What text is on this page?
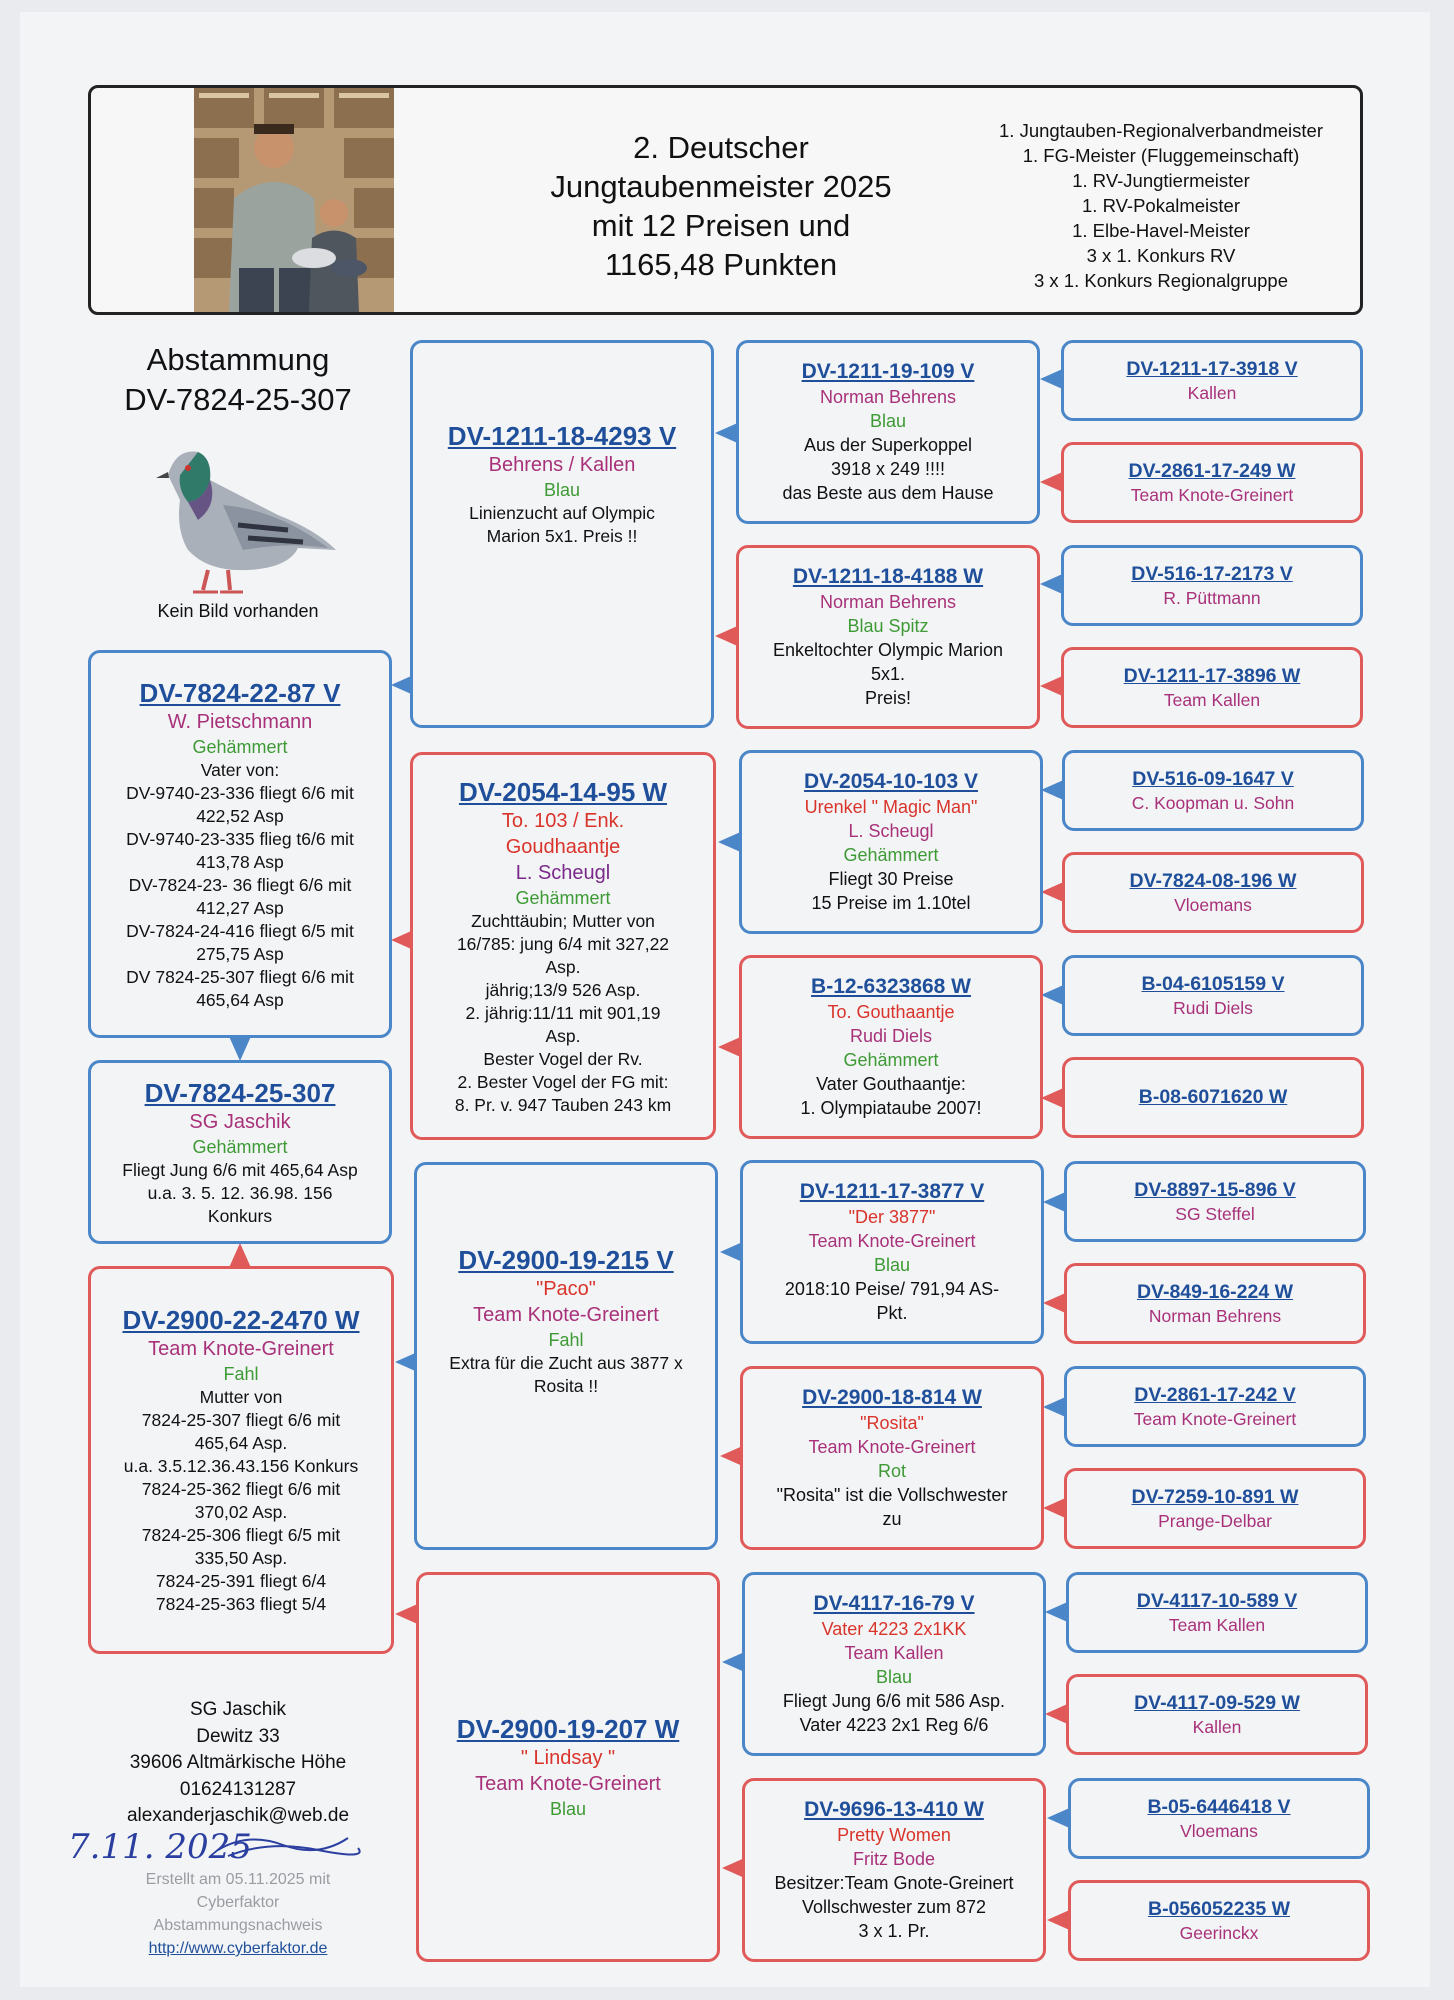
2. Deutscher
Jungtaubenmeister 2025
mit 12 Preisen und
1165,48 Punkten
1. Jungtauben-Regionalverbandmeister
1. FG-Meister (Fluggemeinschaft)
1. RV-Jungtiermeister
1. RV-Pokalmeister
1. Elbe-Havel-Meister
3 x 1. Konkurs RV
3 x 1. Konkurs Regionalgruppe
Abstammung
DV-7824-25-307
Kein Bild vorhanden
DV-7824-22-87 V
W. Pietschmann
Gehämmert
Vater von:
DV-9740-23-336 fliegt 6/6 mit
422,52 Asp
DV-9740-23-335 flieg t6/6 mit
413,78 Asp
DV-7824-23- 36 fliegt 6/6 mit
412,27 Asp
DV-7824-24-416 fliegt 6/5 mit
275,75 Asp
DV 7824-25-307 fliegt 6/6 mit
465,64 Asp
DV-7824-25-307
SG Jaschik
Gehämmert
Fliegt Jung 6/6 mit 465,64 Asp
u.a. 3. 5. 12. 36.98. 156
Konkurs
DV-2900-22-2470 W
Team Knote-Greinert
Fahl
Mutter von
7824-25-307 fliegt 6/6 mit
465,64 Asp.
u.a. 3.5.12.36.43.156 Konkurs
7824-25-362 fliegt 6/6 mit
370,02 Asp.
7824-25-306 fliegt 6/5 mit
335,50 Asp.
7824-25-391 fliegt 6/4
7824-25-363 fliegt 5/4
DV-1211-18-4293 V
Behrens / Kallen
Blau
Linienzucht auf Olympic
Marion 5x1. Preis !!
DV-2054-14-95 W
To. 103 / Enk.
Goudhaantje
L. Scheugl
Gehämmert
Zuchttäubin; Mutter von
16/785: jung 6/4 mit 327,22
Asp.
jährig;13/9 526 Asp.
2. jährig:11/11 mit 901,19
Asp.
Bester Vogel der Rv.
2. Bester Vogel der FG mit:
8. Pr. v. 947 Tauben 243 km
DV-2900-19-215 V
"Paco"
Team Knote-Greinert
Fahl
Extra für die Zucht aus 3877 x
Rosita !!
DV-2900-19-207 W
" Lindsay "
Team Knote-Greinert
Blau
DV-1211-19-109 V
Norman Behrens
Blau
Aus der Superkoppel
3918 x 249 !!!!
das Beste aus dem Hause
DV-1211-18-4188 W
Norman Behrens
Blau Spitz
Enkeltochter Olympic Marion
5x1.
Preis!
DV-2054-10-103 V
Urenkel " Magic Man"
L. Scheugl
Gehämmert
Fliegt 30 Preise
15 Preise im 1.10tel
B-12-6323868 W
To. Gouthaantje
Rudi Diels
Gehämmert
Vater Gouthaantje:
1. Olympiataube 2007!
DV-1211-17-3877 V
"Der 3877"
Team Knote-Greinert
Blau
2018:10 Peise/ 791,94 AS-
Pkt.
DV-2900-18-814 W
"Rosita"
Team Knote-Greinert
Rot
"Rosita" ist die Vollschwester
zu
DV-4117-16-79 V
Vater 4223 2x1KK
Team Kallen
Blau
Fliegt Jung 6/6 mit 586 Asp.
Vater 4223 2x1 Reg 6/6
DV-9696-13-410 W
Pretty Women
Fritz Bode
Besitzer:Team Gnote-Greinert
Vollschwester zum 872
3 x 1. Pr.
DV-1211-17-3918 V
Kallen
DV-2861-17-249 W
Team Knote-Greinert
DV-516-17-2173 V
R. Püttmann
DV-1211-17-3896 W
Team Kallen
DV-516-09-1647 V
C. Koopman u. Sohn
DV-7824-08-196 W
Vloemans
B-04-6105159 V
Rudi Diels
B-08-6071620 W
DV-8897-15-896 V
SG Steffel
DV-849-16-224 W
Norman Behrens
DV-2861-17-242 V
Team Knote-Greinert
DV-7259-10-891 W
Prange-Delbar
DV-4117-10-589 V
Team Kallen
DV-4117-09-529 W
Kallen
B-05-6446418 V
Vloemans
B-056052235 W
Geerinckx
SG Jaschik
Dewitz 33
39606 Altmärkische Höhe
01624131287
alexanderjaschik@web.de
7.11. 2025
Erstellt am 05.11.2025 mit
Cyberfaktor
Abstammungsnachweis
http://www.cyberfaktor.de
